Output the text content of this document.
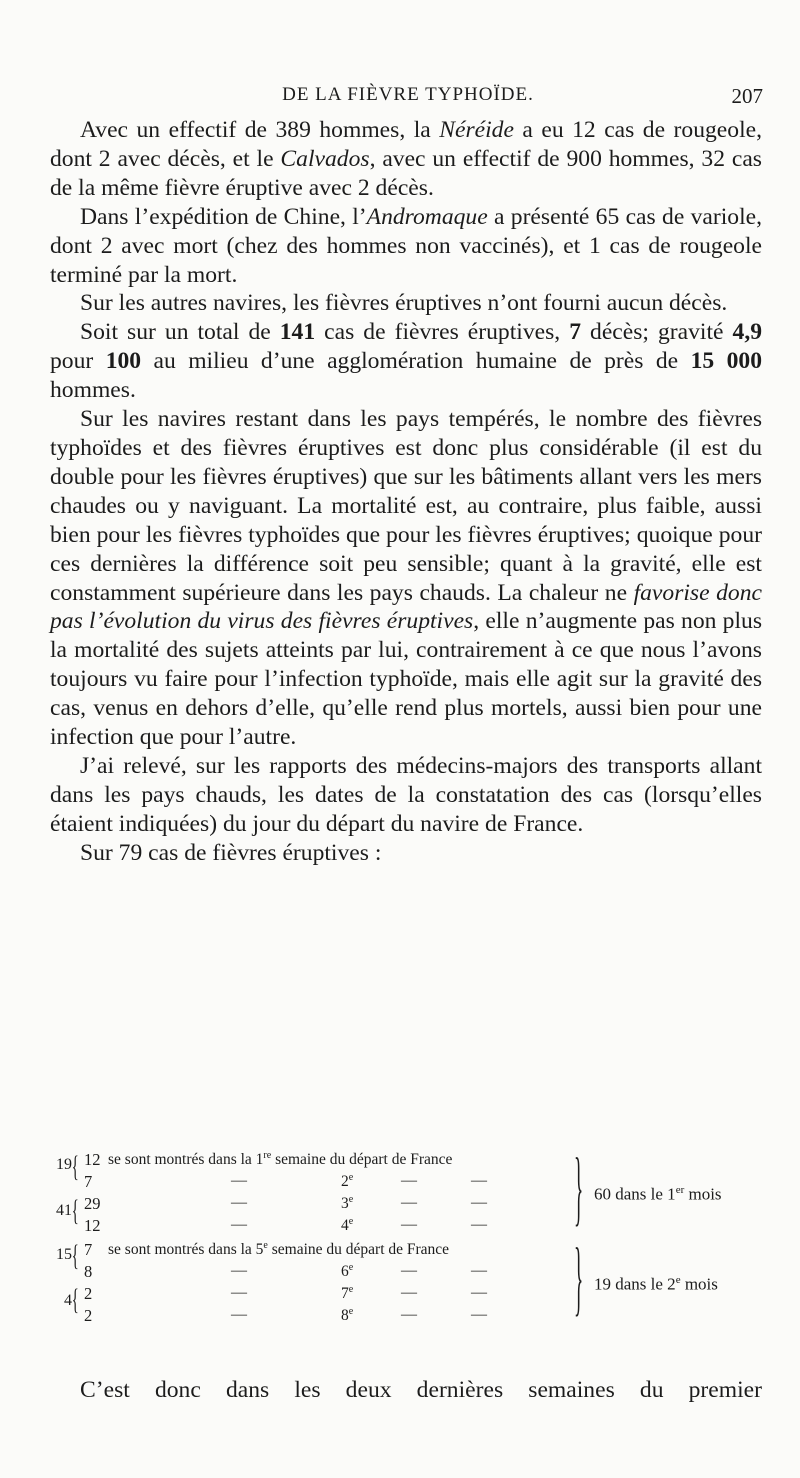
DE LA FIÈVRE TYPHOÏDE.	207

Avec un effectif de 389 hommes, la Néréide a eu 12 cas de rougeole, dont 2 avec décès, et le Calvados, avec un effectif de 900 hommes, 32 cas de la même fièvre éruptive avec 2 décès.

Dans l’expédition de Chine, l’Andromaque a présenté 65 cas de variole, dont 2 avec mort (chez des hommes non vaccinés), et 1 cas de rougeole terminé par la mort.

Sur les autres navires, les fièvres éruptives n’ont fourni aucun décès.

Soit sur un total de 141 cas de fièvres éruptives, 7 décès; gravité 4,9 pour 100 au milieu d’une agglomération humaine de près de 15 000 hommes.

Sur les navires restant dans les pays tempérés, le nombre des fièvres typhoïdes et des fièvres éruptives est donc plus considérable (il est du double pour les fièvres éruptives) que sur les bâtiments allant vers les mers chaudes ou y naviguant. La mortalité est, au contraire, plus faible, aussi bien pour les fièvres typhoïdes que pour les fièvres éruptives; quoique pour ces dernières la différence soit peu sensible; quant à la gravité, elle est constamment supérieure dans les pays chauds. La chaleur ne favorise donc pas l’évolution du virus des fièvres éruptives, elle n’augmente pas non plus la mortalité des sujets atteints par lui, contrairement à ce que nous l’avons toujours vu faire pour l’infection typhoïde, mais elle agit sur la gravité des cas, venus en dehors d’elle, qu’elle rend plus mortels, aussi bien pour une infection que pour l’autre.

J’ai relevé, sur les rapports des médecins-majors des transports allant dans les pays chauds, les dates de la constatation des cas (lorsqu’elles étaient indiquées) du jour du départ du navire de France.

Sur 79 cas de fièvres éruptives :

19
41
15
4
{
{
{
{
12 se sont montrés dans la 1re semaine du départ de France
7	—	2e	—	—
29	—	3e	—	—
12	—	4e	—	—
7	se sont montrés dans la 5e semaine du départ de France
8	—	6e	—	—
2	—	7e	—	—
2	—	8e	—	—
}
}
60 dans le 1er mois
19 dans le 2e mois
C’est donc dans les deux dernières semaines du premier
